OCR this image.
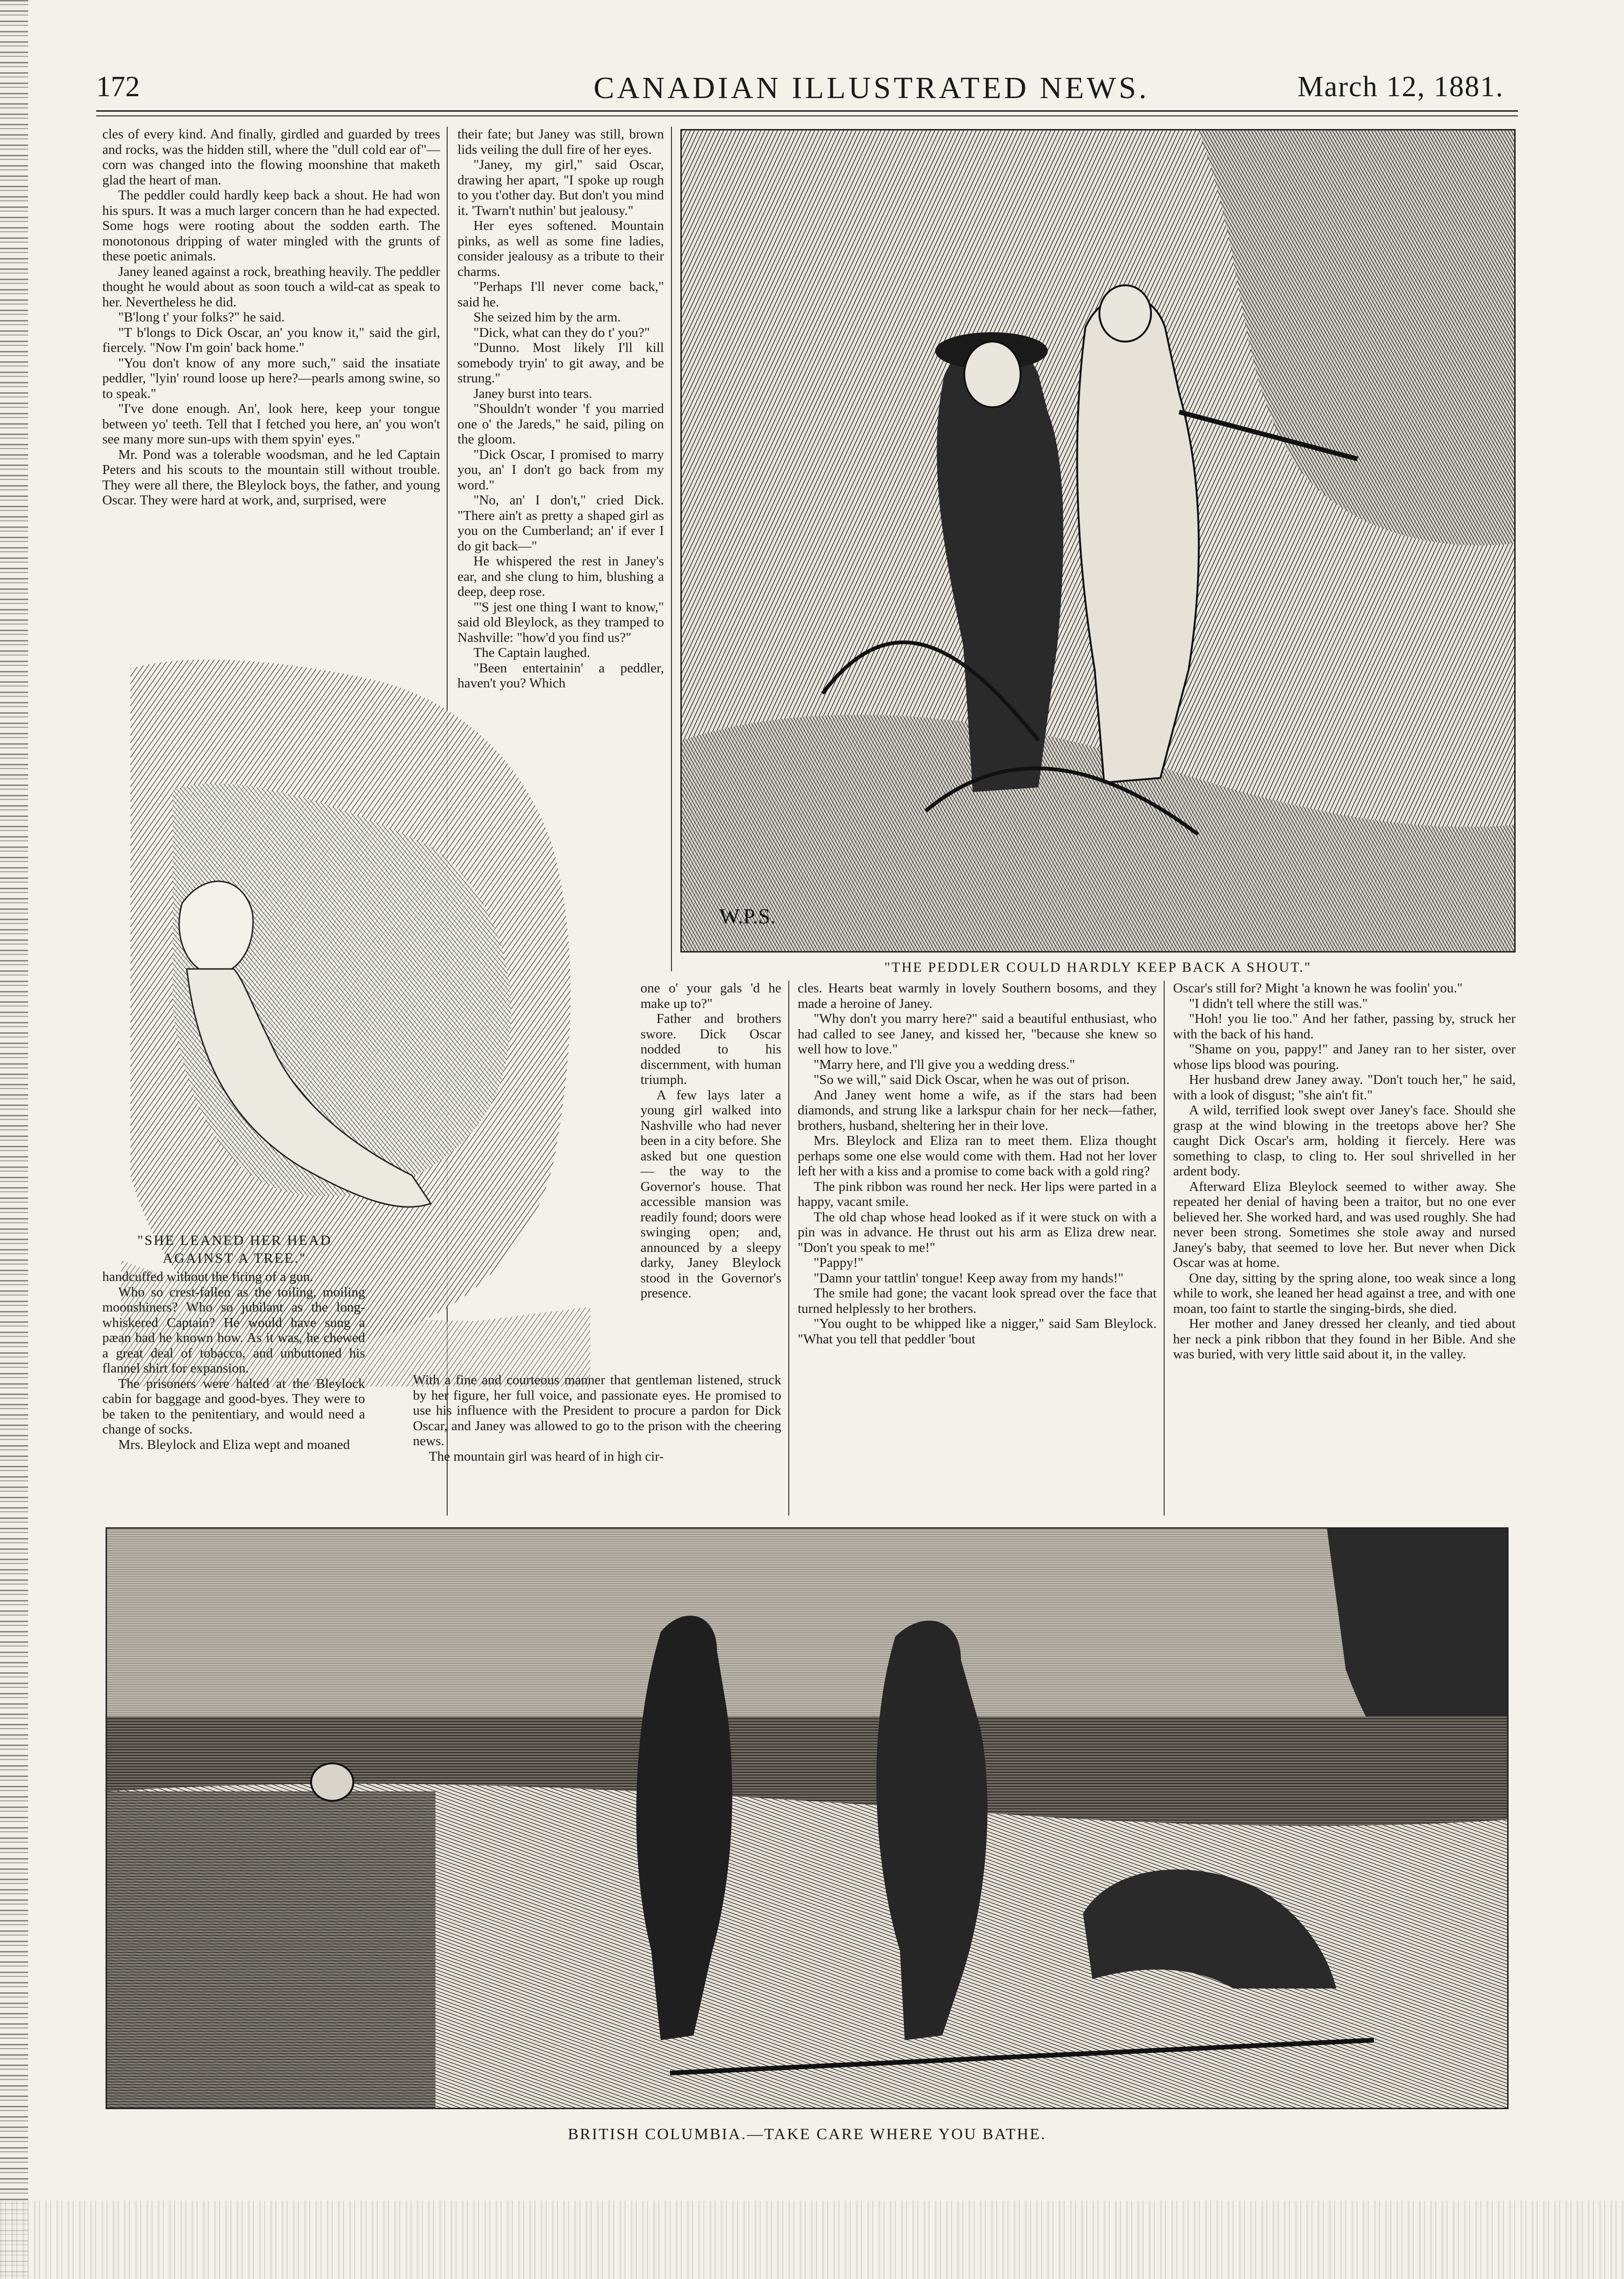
172	CANADIAN ILLUSTRATED NEWS.	March 12, 1881.

cles of every kind. And finally, girdled and guarded by trees and rocks, was the hidden still, where the "dull cold ear of"—corn was changed into the flowing moonshine that maketh glad the heart of man.

The peddler could hardly keep back a shout. He had won his spurs. It was a much larger concern than he had expected. Some hogs were rooting about the sodden earth. The monotonous dripping of water mingled with the grunts of these poetic animals.

Janey leaned against a rock, breathing heavily. The peddler thought he would about as soon touch a wild-cat as speak to her. Nevertheless he did.

"B'long t' your folks?" he said.

"T b'longs to Dick Oscar, an' you know it," said the girl, fiercely. "Now I'm goin' back home."

"You don't know of any more such," said the insatiate peddler, "lyin' round loose up here?—pearls among swine, so to speak."

"I've done enough. An', look here, keep your tongue between yo' teeth. Tell that I fetched you here, an' you won't see many more sun-ups with them spyin' eyes."

Mr. Pond was a tolerable woodsman, and he led Captain Peters and his scouts to the mountain still without trouble. They were all there, the Bleylock boys, the father, and young Oscar. They were hard at work, and, surprised, were

"SHE LEANED HER HEAD AGAINST A TREE."

handcuffed without the firing of a gun.

Who so crest-fallen as the toiling, moiling moonshiners? Who so jubilant as the long-whiskered Captain? He would have sung a pæan had he known how. As it was, he chewed a great deal of tobacco, and unbuttoned his flannel shirt for expansion.

The prisoners were halted at the Bleylock cabin for baggage and good-byes. They were to be taken to the penitentiary, and would need a change of socks.

Mrs. Bleylock and Eliza wept and moaned

their fate; but Janey was still, brown lids veiling the dull fire of her eyes.

"Janey, my girl," said Oscar, drawing her apart, "I spoke up rough to you t'other day. But don't you mind it. 'Twarn't nuthin' but jealousy."

Her eyes softened. Mountain pinks, as well as some fine ladies, consider jealousy as a tribute to their charms.

"Perhaps I'll never come back," said he.

She seized him by the arm.

"Dick, what can they do t' you?"

"Dunno. Most likely I'll kill somebody tryin' to git away, and be strung."

Janey burst into tears.

"Shouldn't wonder 'f you married one o' the Jareds," he said, piling on the gloom.

"Dick Oscar, I promised to marry you, an' I don't go back from my word."

"No, an' I don't," cried Dick. "There ain't as pretty a shaped girl as you on the Cumberland; an' if ever I do git back—"

He whispered the rest in Janey's ear, and she clung to him, blushing a deep, deep rose.

"'S jest one thing I want to know," said old Bleylock, as they tramped to Nashville: "how'd you find us?"

The Captain laughed.

"Been entertainin' a peddler, haven't you? Which

W.P.S.
"THE PEDDLER COULD HARDLY KEEP BACK A SHOUT."

one o' your gals 'd he make up to?"

Father and brothers swore. Dick Oscar nodded to his discernment, with human triumph.

A few lays later a young girl walked into Nashville who had never been in a city before. She asked but one question — the way to the Governor's house. That accessible mansion was readily found; doors were swinging open; and, announced by a sleepy darky, Janey Bleylock stood in the Governor's presence.

With a fine and courteous manner that gentleman listened, struck by her figure, her full voice, and passionate eyes. He promised to use his influence with the President to procure a pardon for Dick Oscar, and Janey was allowed to go to the prison with the cheering news.

The mountain girl was heard of in high cir-

cles. Hearts beat warmly in lovely Southern bosoms, and they made a heroine of Janey.

"Why don't you marry here?" said a beautiful enthusiast, who had called to see Janey, and kissed her, "because she knew so well how to love."

"Marry here, and I'll give you a wedding dress."

"So we will," said Dick Oscar, when he was out of prison.

And Janey went home a wife, as if the stars had been diamonds, and strung like a larkspur chain for her neck—father, brothers, husband, sheltering her in their love.

Mrs. Bleylock and Eliza ran to meet them. Eliza thought perhaps some one else would come with them. Had not her lover left her with a kiss and a promise to come back with a gold ring?

The pink ribbon was round her neck. Her lips were parted in a happy, vacant smile.

The old chap whose head looked as if it were stuck on with a pin was in advance. He thrust out his arm as Eliza drew near. "Don't you speak to me!"

"Pappy!"

"Damn your tattlin' tongue! Keep away from my hands!"

The smile had gone; the vacant look spread over the face that turned helplessly to her brothers.

"You ought to be whipped like a nigger," said Sam Bleylock. "What you tell that peddler 'bout

Oscar's still for? Might 'a known he was foolin' you."

"I didn't tell where the still was."

"Hoh! you lie too." And her father, passing by, struck her with the back of his hand.

"Shame on you, pappy!" and Janey ran to her sister, over whose lips blood was pouring.

Her husband drew Janey away. "Don't touch her," he said, with a look of disgust; "she ain't fit."

A wild, terrified look swept over Janey's face. Should she grasp at the wind blowing in the treetops above her? She caught Dick Oscar's arm, holding it fiercely. Here was something to clasp, to cling to. Her soul shrivelled in her ardent body.

Afterward Eliza Bleylock seemed to wither away. She repeated her denial of having been a traitor, but no one ever believed her. She worked hard, and was used roughly. She had never been strong. Sometimes she stole away and nursed Janey's baby, that seemed to love her. But never when Dick Oscar was at home.

One day, sitting by the spring alone, too weak since a long while to work, she leaned her head against a tree, and with one moan, too faint to startle the singing-birds, she died.

Her mother and Janey dressed her cleanly, and tied about her neck a pink ribbon that they found in her Bible. And she was buried, with very little said about it, in the valley.

BRITISH COLUMBIA.—TAKE CARE WHERE YOU BATHE.
